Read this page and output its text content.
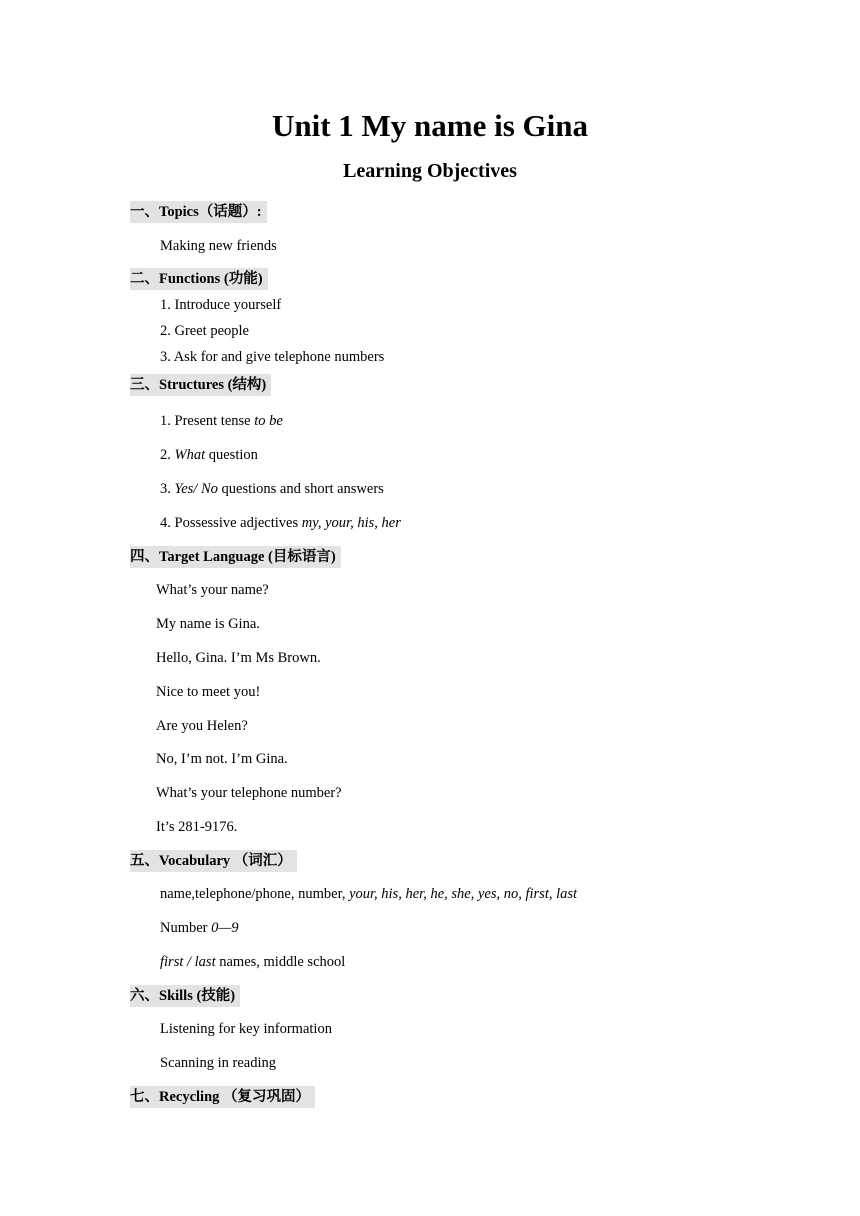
Unit 1 My name is Gina
Learning Objectives
一、Topics（话题）:
Making new friends
二、Functions (功能)
1. Introduce yourself
2. Greet people
3. Ask for and give telephone numbers
三、Structures (结构)
1. Present tense to be
2. What question
3. Yes/ No questions and short answers
4. Possessive adjectives my, your, his, her
四、Target Language (目标语言)
What’s your name?
My name is Gina.
Hello, Gina. I’m Ms Brown.
Nice to meet you!
Are you Helen?
No, I’m not. I’m Gina.
What’s your telephone number?
It’s 281-9176.
五、Vocabulary （词汇）
name,telephone/phone, number, your, his, her, he, she, yes, no, first, last
Number 0—9
first / last names, middle school
六、Skills (技能)
Listening for key information
Scanning in reading
七、Recycling （复习巩固）
